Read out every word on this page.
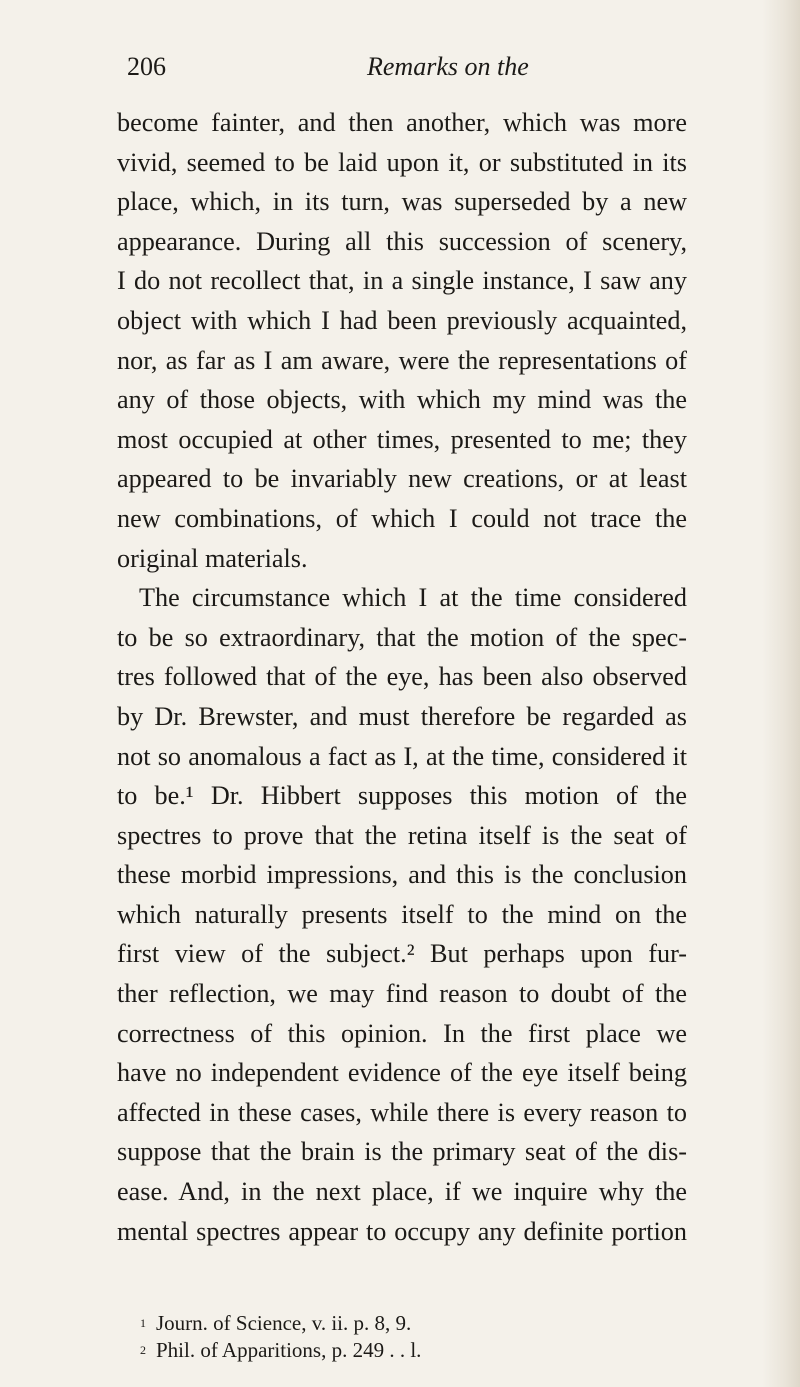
206	Remarks on the
become fainter, and then another, which was more
vivid, seemed to be laid upon it, or substituted in its
place, which, in its turn, was superseded by a new
appearance. During all this succession of scenery,
I do not recollect that, in a single instance, I saw any
object with which I had been previously acquainted,
nor, as far as I am aware, were the representations of
any of those objects, with which my mind was the
most occupied at other times, presented to me; they
appeared to be invariably new creations, or at least
new combinations, of which I could not trace the
original materials.
The circumstance which I at the time considered
to be so extraordinary, that the motion of the spec-
tres followed that of the eye, has been also observed
by Dr. Brewster, and must therefore be regarded as
not so anomalous a fact as I, at the time, considered it
to be.¹ Dr. Hibbert supposes this motion of the
spectres to prove that the retina itself is the seat of
these morbid impressions, and this is the conclusion
which naturally presents itself to the mind on the
first view of the subject.² But perhaps upon fur-
ther reflection, we may find reason to doubt of the
correctness of this opinion. In the first place we
have no independent evidence of the eye itself being
affected in these cases, while there is every reason to
suppose that the brain is the primary seat of the dis-
ease. And, in the next place, if we inquire why the
mental spectres appear to occupy any definite portion
$^1$ Journ. of Science, v. ii. p. 8, 9.
$^2$ Phil. of Apparitions, p. 249 . . l.
